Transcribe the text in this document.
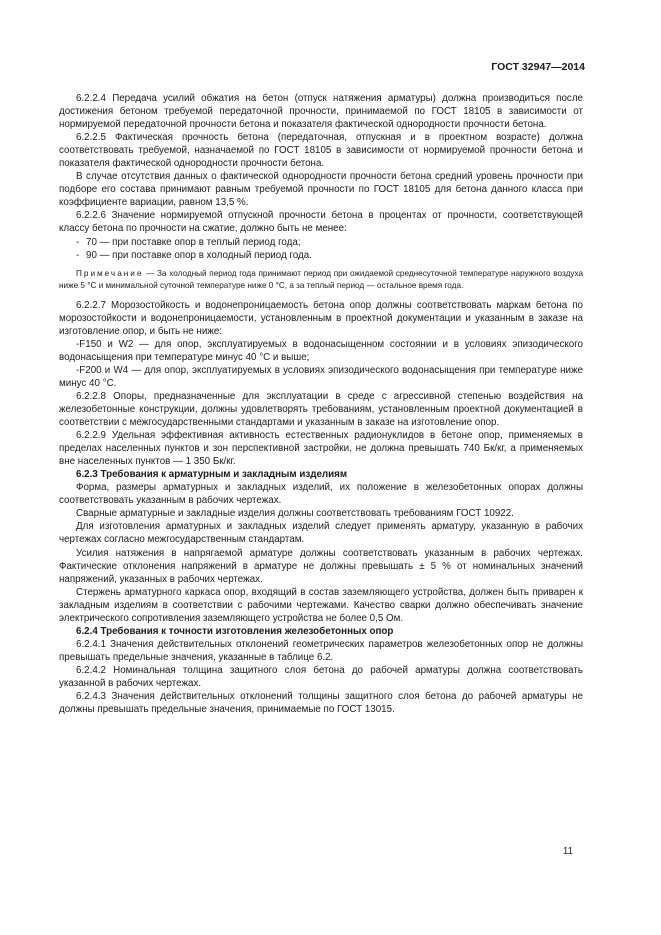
ГОСТ 32947—2014

6.2.2.4 Передача усилий обжатия на бетон (отпуск натяжения арматуры) должна производиться после достижения бетоном требуемой передаточной прочности, принимаемой по ГОСТ 18105 в зависимости от нормируемой передаточной прочности бетона и показателя фактической однородности прочности бетона.

6.2.2.5 Фактическая прочность бетона (передаточная, отпускная и в проектном возрасте) должна соответствовать требуемой, назначаемой по ГОСТ 18105 в зависимости от нормируемой прочности бетона и показателя фактической однородности прочности бетона.

В случае отсутствия данных о фактической однородности прочности бетона средний уровень прочности при подборе его состава принимают равным требуемой прочности по ГОСТ 18105 для бетона данного класса при коэффициенте вариации, равном 13,5 %.

6.2.2.6 Значение нормируемой отпускной прочности бетона в процентах от прочности, соответствующей классу бетона по прочности на сжатие, должно быть не менее:

- 70 — при поставке опор в теплый период года;

- 90 — при поставке опор в холодный период года.

Примечание — За холодный период года принимают период при ожидаемой среднесуточной температуре наружного воздуха ниже 5 °С и минимальной суточной температуре ниже 0 °С, а за теплый период — остальное время года.

6.2.2.7 Морозостойкость и водонепроницаемость бетона опор должны соответствовать маркам бетона по морозостойкости и водонепроницаемости, установленным в проектной документации и указанным в заказе на изготовление опор, и быть не ниже:

-F150 и W2 — для опор, эксплуатируемых в водонасыщенном состоянии и в условиях эпизодического водонасыщения при температуре минус 40 °С и выше;

-F200 и W4 — для опор, эксплуатируемых в условиях эпизодического водонасыщения при температуре ниже минус 40 °С.

6.2.2.8 Опоры, предназначенные для эксплуатации в среде с агрессивной степенью воздействия на железобетонные конструкции, должны удовлетворять требованиям, установленным проектной документацией в соответствии с межгосударственными стандартами и указанным в заказе на изготовление опор.

6.2.2.9 Удельная эффективная активность естественных радионуклидов в бетоне опор, применяемых в пределах населенных пунктов и зон перспективной застройки, не должна превышать 740 Бк/кг, а применяемых вне населенных пунктов — 1 350 Бк/кг.

6.2.3 Требования к арматурным и закладным изделиям

Форма, размеры арматурных и закладных изделий, их положение в железобетонных опорах должны соответствовать указанным в рабочих чертежах.

Сварные арматурные и закладные изделия должны соответствовать требованиям ГОСТ 10922.

Для изготовления арматурных и закладных изделий следует применять арматуру, указанную в рабочих чертежах согласно межгосударственным стандартам.

Усилия натяжения в напрягаемой арматуре должны соответствовать указанным в рабочих чертежах. Фактические отклонения напряжений в арматуре не должны превышать ± 5 % от номинальных значений напряжений, указанных в рабочих чертежах.

Стержень арматурного каркаса опор, входящий в состав заземляющего устройства, должен быть приварен к закладным изделиям в соответствии с рабочими чертежами. Качество сварки должно обеспечивать значение электрического сопротивления заземляющего устройства не более 0,5 Ом.

6.2.4 Требования к точности изготовления железобетонных опор

6.2.4.1 Значения действительных отклонений геометрических параметров железобетонных опор не должны превышать предельные значения, указанные в таблице 6.2.

6.2.4.2 Номинальная толщина защитного слоя бетона до рабочей арматуры должна соответствовать указанной в рабочих чертежах.

6.2.4.3 Значения действительных отклонений толщины защитного слоя бетона до рабочей арматуры не должны превышать предельные значения, принимаемые по ГОСТ 13015.

11
